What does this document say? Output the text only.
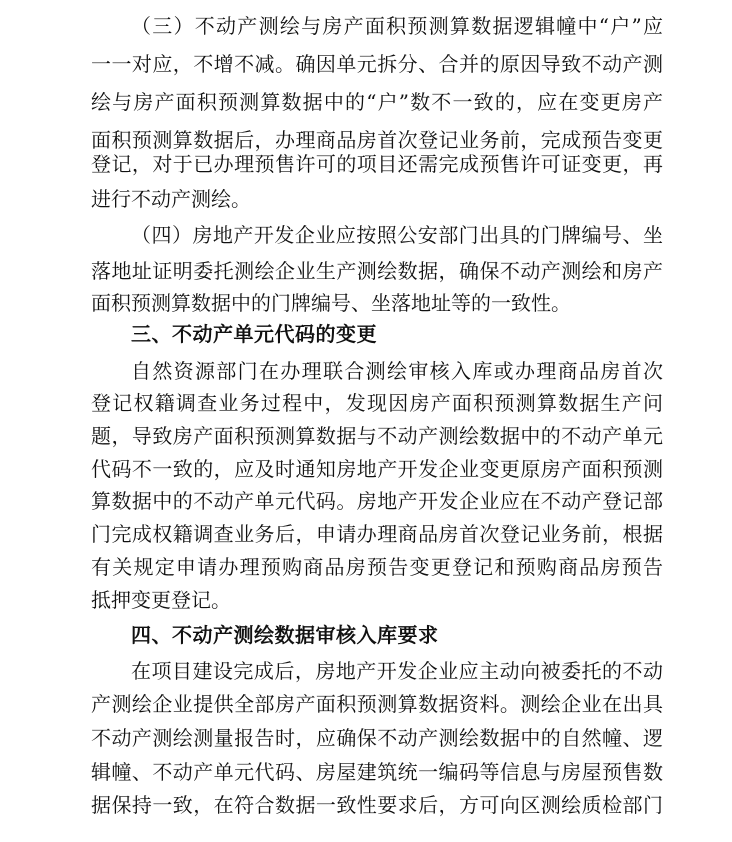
（三）不动产测绘与房产面积预测算数据逻辑幢中“户”应
一一对应，不增不减。确因单元拆分、合并的原因导致不动产测
绘与房产面积预测算数据中的“户”数不一致的，应在变更房产
面积预测算数据后，办理商品房首次登记业务前，完成预告变更
登记，对于已办理预售许可的项目还需完成预售许可证变更，再
进行不动产测绘。
（四）房地产开发企业应按照公安部门出具的门牌编号、坐
落地址证明委托测绘企业生产测绘数据，确保不动产测绘和房产
面积预测算数据中的门牌编号、坐落地址等的一致性。
三、不动产单元代码的变更
自然资源部门在办理联合测绘审核入库或办理商品房首次
登记权籍调查业务过程中，发现因房产面积预测算数据生产问
题，导致房产面积预测算数据与不动产测绘数据中的不动产单元
代码不一致的，应及时通知房地产开发企业变更原房产面积预测
算数据中的不动产单元代码。房地产开发企业应在不动产登记部
门完成权籍调查业务后，申请办理商品房首次登记业务前，根据
有关规定申请办理预购商品房预告变更登记和预购商品房预告
抵押变更登记。
四、不动产测绘数据审核入库要求
在项目建设完成后，房地产开发企业应主动向被委托的不动
产测绘企业提供全部房产面积预测算数据资料。测绘企业在出具
不动产测绘测量报告时，应确保不动产测绘数据中的自然幢、逻
辑幢、不动产单元代码、房屋建筑统一编码等信息与房屋预售数
据保持一致，在符合数据一致性要求后，方可向区测绘质检部门
